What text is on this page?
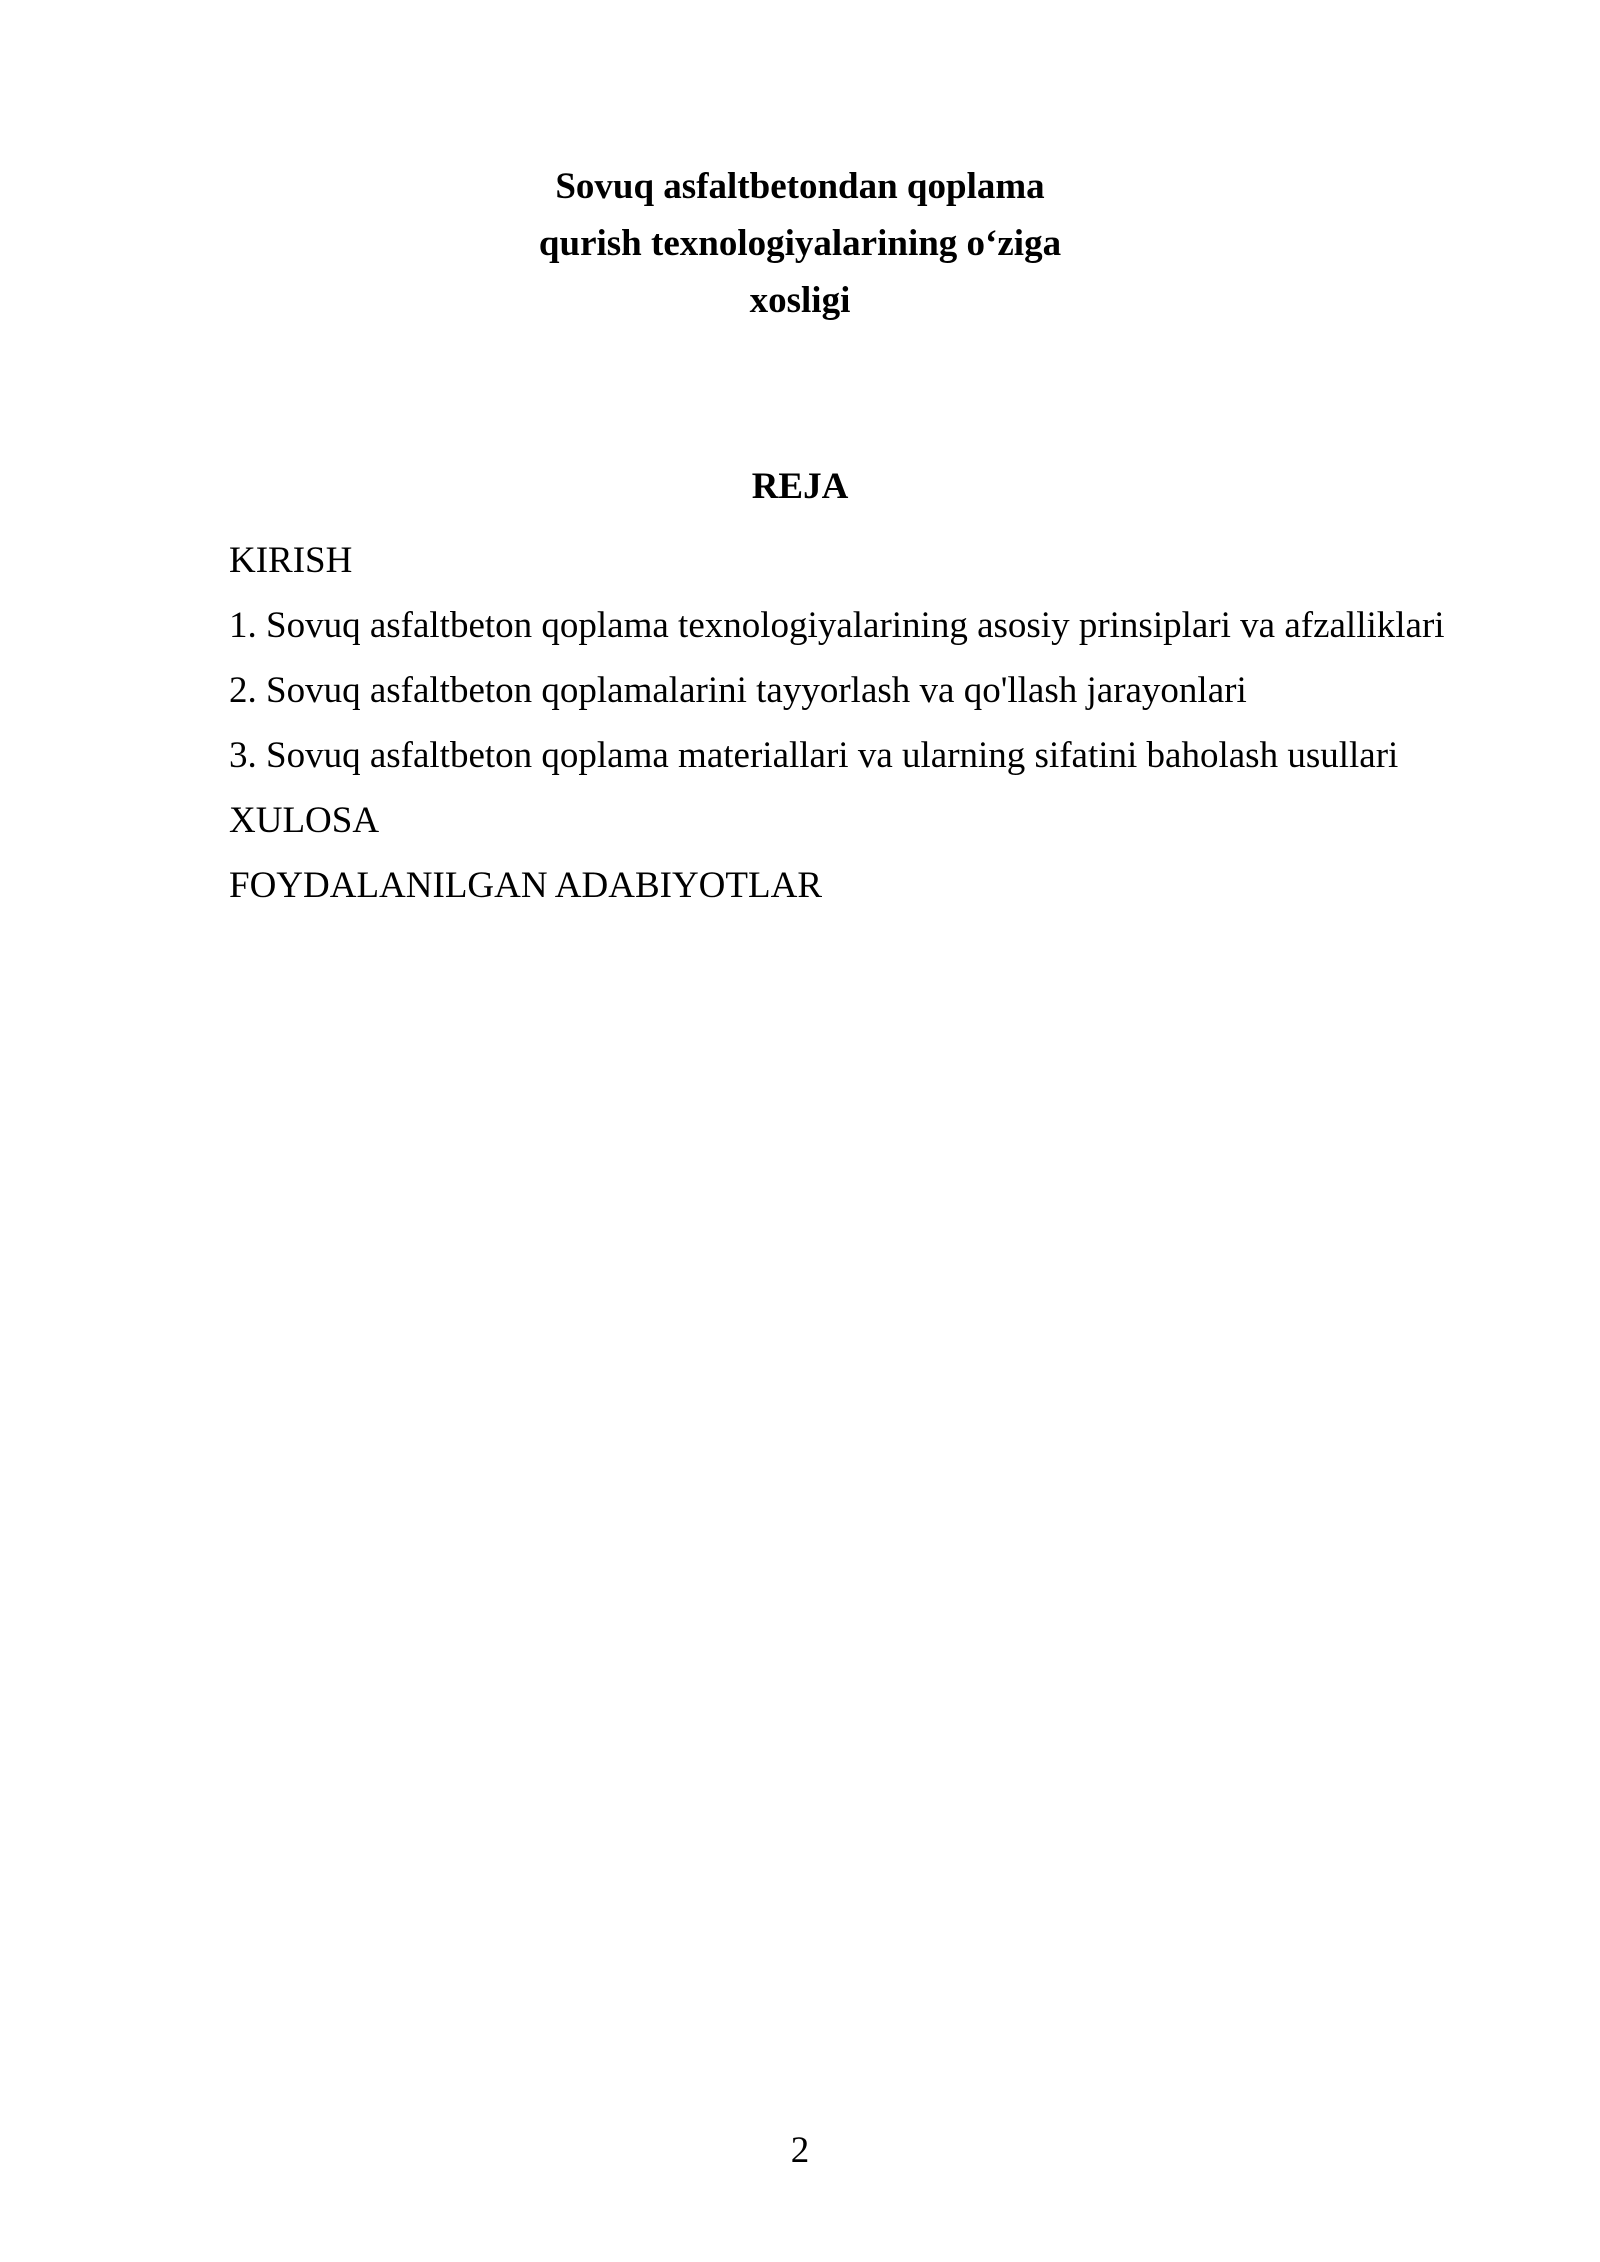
Sovuq asfaltbetondan qoplama
qurish texnologiyalarining o‘ziga
xosligi
REJA
KIRISH
1. Sovuq asfaltbeton qoplama texnologiyalarining asosiy prinsiplari va afzalliklari
2. Sovuq asfaltbeton qoplamalarini tayyorlash va qo'llash jarayonlari
3. Sovuq asfaltbeton qoplama materiallari va ularning sifatini baholash usullari
XULOSA
FOYDALANILGAN ADABIYOTLAR
2
